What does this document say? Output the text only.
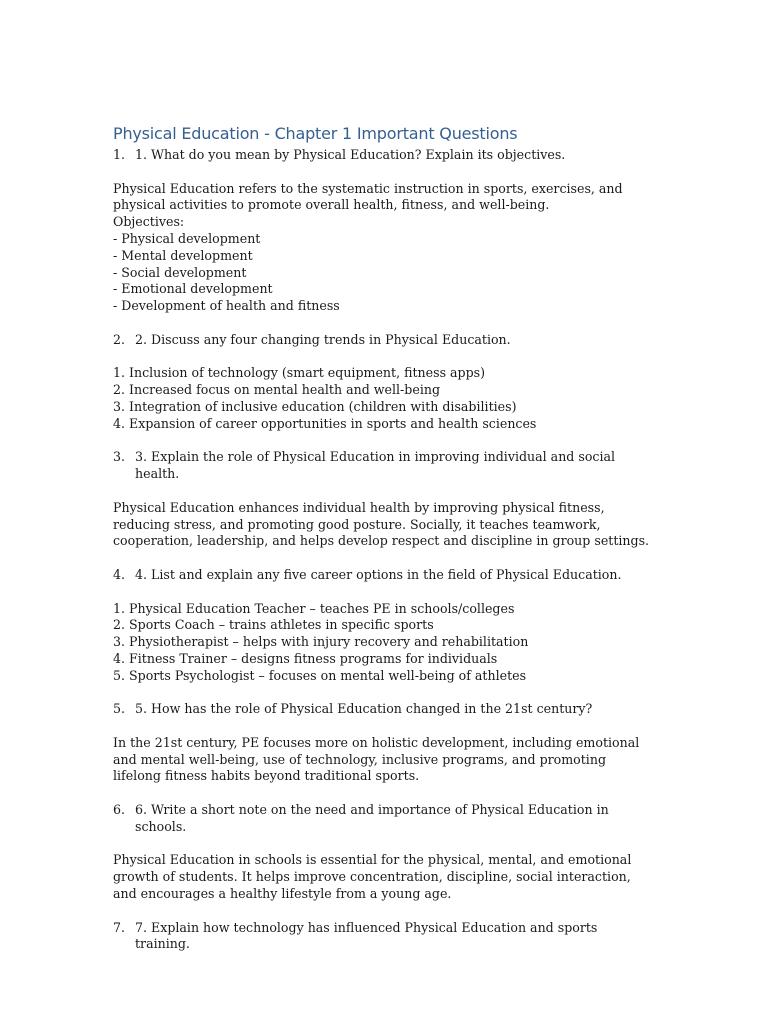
Physical Education - Chapter 1 Important Questions
1. 1. What do you mean by Physical Education? Explain its objectives.

Physical Education refers to the systematic instruction in sports, exercises, and physical activities to promote overall health, fitness, and well-being.

Objectives:

- Physical development

- Mental development

- Social development

- Emotional development

- Development of health and fitness

2. 2. Discuss any four changing trends in Physical Education.

1. Inclusion of technology (smart equipment, fitness apps)

2. Increased focus on mental health and well-being

3. Integration of inclusive education (children with disabilities)

4. Expansion of career opportunities in sports and health sciences

3. 3. Explain the role of Physical Education in improving individual and social health.

Physical Education enhances individual health by improving physical fitness, reducing stress, and promoting good posture. Socially, it teaches teamwork, cooperation, leadership, and helps develop respect and discipline in group settings.

4. 4. List and explain any five career options in the field of Physical Education.

1. Physical Education Teacher – teaches PE in schools/colleges

2. Sports Coach – trains athletes in specific sports

3. Physiotherapist – helps with injury recovery and rehabilitation

4. Fitness Trainer – designs fitness programs for individuals

5. Sports Psychologist – focuses on mental well-being of athletes

5. 5. How has the role of Physical Education changed in the 21st century?

In the 21st century, PE focuses more on holistic development, including emotional and mental well-being, use of technology, inclusive programs, and promoting lifelong fitness habits beyond traditional sports.

6. 6. Write a short note on the need and importance of Physical Education in schools.

Physical Education in schools is essential for the physical, mental, and emotional growth of students. It helps improve concentration, discipline, social interaction, and encourages a healthy lifestyle from a young age.

7. 7. Explain how technology has influenced Physical Education and sports training.
